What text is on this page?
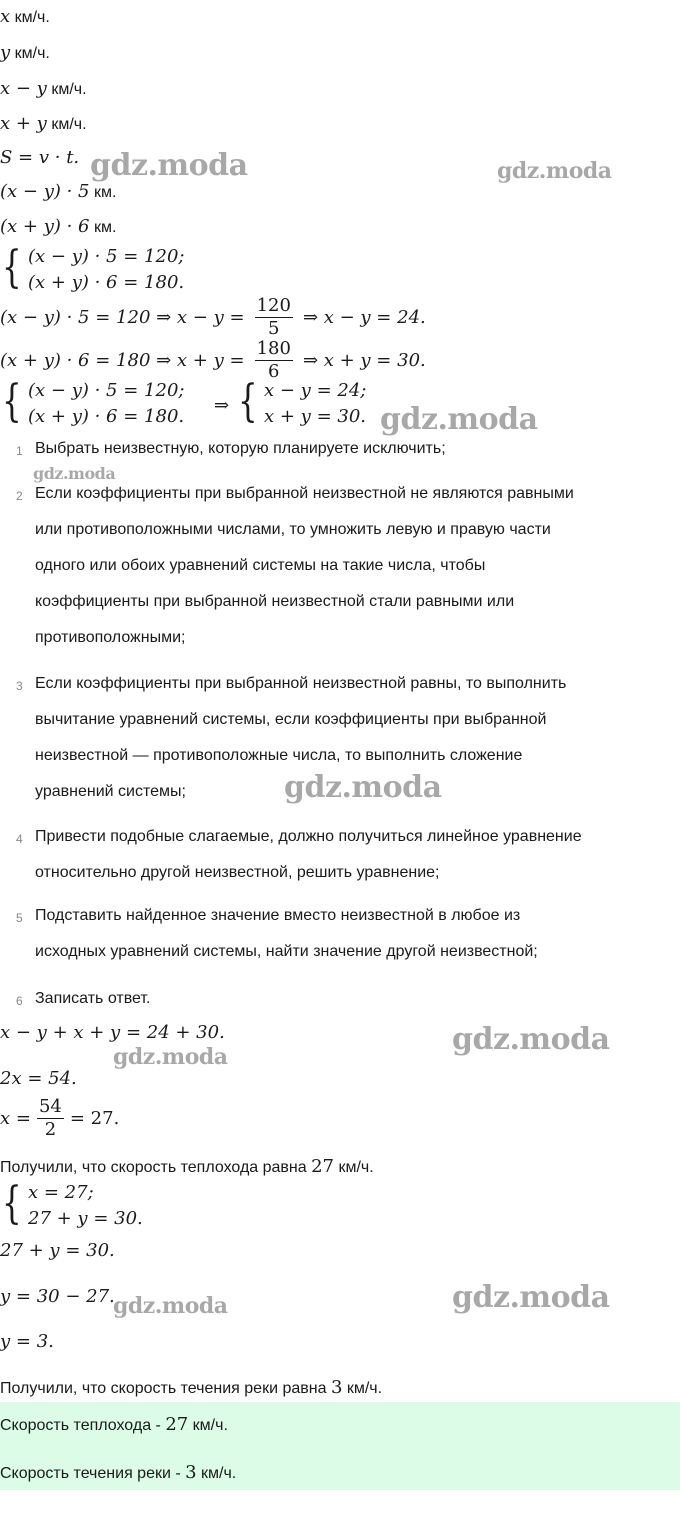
x км/ч.
y км/ч.
x − y км/ч.
x + y км/ч.
S = v · t.
(x − y) · 5 км.
(x + y) · 6 км.
{ (x − y) · 5 = 120;
(x + y) · 6 = 180.
(x − y) · 5 = 120 ⇒ $x - y = \frac{120}{5}$ ⇒ x − y = 24.
(x + y) · 6 = 180 ⇒ $x + y = \frac{180}{6}$ ⇒ x + y = 30.
{ (x − y) · 5 = 120;
(x + y) · 6 = 180.
⇒ { x − y = 24;
x + y = 30.
1 Выбрать неизвестную, которую планируете исключить;
2 Если коэффициенты при выбранной неизвестной не являются равными
или противоположными числами, то умножить левую и правую части
одного или обоих уравнений системы на такие числа, чтобы
коэффициенты при выбранной неизвестной стали равными или
противоположными;
3 Если коэффициенты при выбранной неизвестной равны, то выполнить
вычитание уравнений системы, если коэффициенты при выбранной
неизвестной — противоположные числа, то выполнить сложение
уравнений системы;
4 Привести подобные слагаемые, должно получиться линейное уравнение
относительно другой неизвестной, решить уравнение;
5 Подставить найденное значение вместо неизвестной в любое из
исходных уравнений системы, найти значение другой неизвестной;
6 Записать ответ.
x − y + x + y = 24 + 30.
2x = 54.
$x = \frac{54}{2} = 27$.
Получили, что скорость теплохода равна 27 км/ч.
{ x = 27;
27 + y = 30.
27 + y = 30.
y = 30 − 27.
y = 3.
Получили, что скорость течения реки равна 3 км/ч.
Скорость теплохода - 27 км/ч.
Скорость течения реки - 3 км/ч.
gdz.moda	gdz.moda
gdz.moda
gdz.moda
gdz.moda
gdz.moda
gdz.moda
gdz.moda
gdz.moda
